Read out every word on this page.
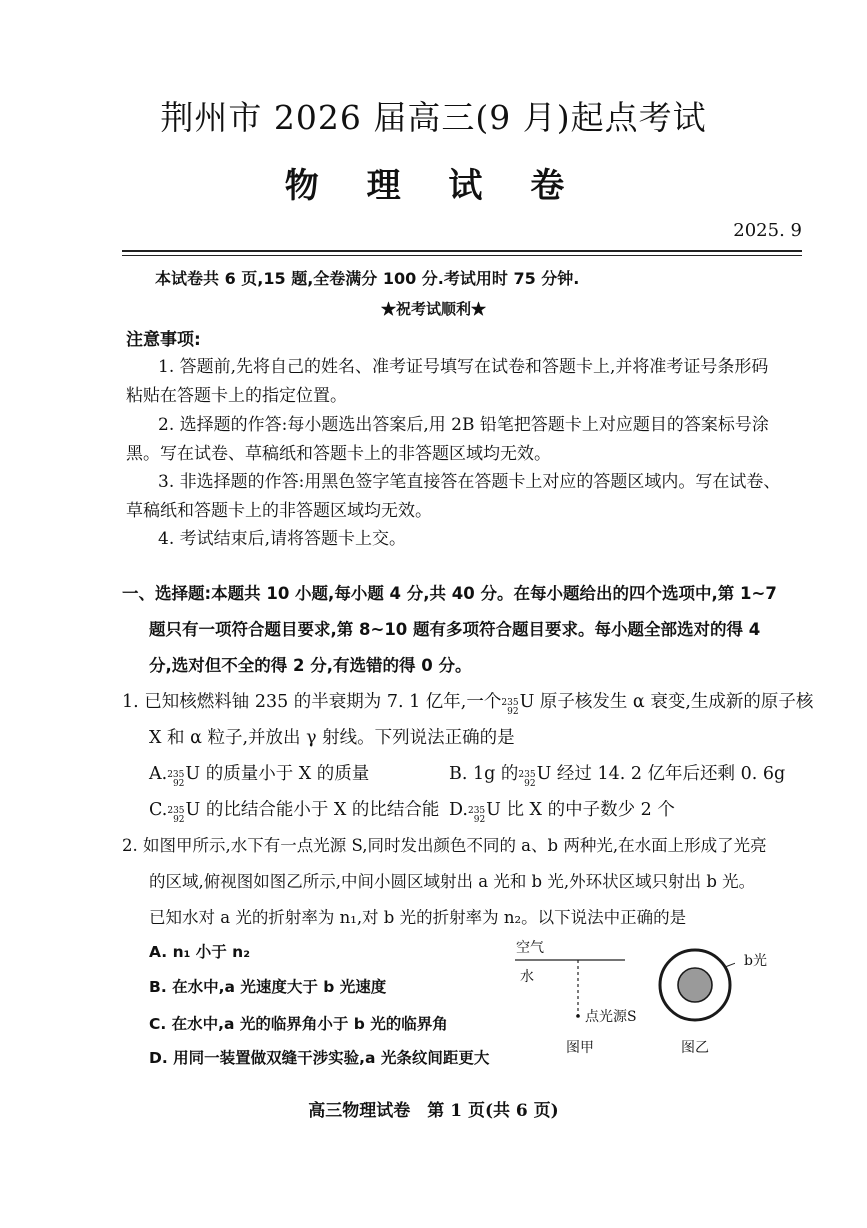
荆州市 2026 届高三(9 月)起点考试
物 理 试 卷
2025. 9
本试卷共 6 页,15 题,全卷满分 100 分.考试用时 75 分钟.
★祝考试顺利★
注意事项:
1. 答题前,先将自己的姓名、准考证号填写在试卷和答题卡上,并将准考证号条形码
粘贴在答题卡上的指定位置。
2. 选择题的作答:每小题选出答案后,用 2B 铅笔把答题卡上对应题目的答案标号涂
黑。写在试卷、草稿纸和答题卡上的非答题区域均无效。
3. 非选择题的作答:用黑色签字笔直接答在答题卡上对应的答题区域内。写在试卷、
草稿纸和答题卡上的非答题区域均无效。
4. 考试结束后,请将答题卡上交。
一、选择题:本题共 10 小题,每小题 4 分,共 40 分。在每小题给出的四个选项中,第 1~7
题只有一项符合题目要求,第 8~10 题有多项符合题目要求。每小题全部选对的得 4
分,选对但不全的得 2 分,有选错的得 0 分。
1. 已知核燃料铀 235 的半衰期为 7. 1 亿年,一个 235
92 U 原子核发生 α 衰变,生成新的原子核
X 和 α 粒子,并放出 γ 射线。下列说法正确的是
A. 235
92 U 的质量小于 X 的质量	B. 1g 的 235
92 U 经过 14. 2 亿年后还剩 0. 6g
C. 235
92 U 的比结合能小于 X 的比结合能 D. 235
92 U 比 X 的中子数少 2 个
2. 如图甲所示,水下有一点光源 S,同时发出颜色不同的 a、b 两种光,在水面上形成了光亮
的区域,俯视图如图乙所示,中间小圆区域射出 a 光和 b 光,外环状区域只射出 b 光。
已知水对 a 光的折射率为 n₁,对 b 光的折射率为 n₂。以下说法中正确的是
A. n₁ 小于 n₂
B. 在水中,a 光速度大于 b 光速度
C. 在水中,a 光的临界角小于 b 光的临界角
D. 用同一装置做双缝干涉实验,a 光条纹间距更大
空气
水
点光源S
图甲
b光
图乙
高三物理试卷　第 1 页(共 6 页)
